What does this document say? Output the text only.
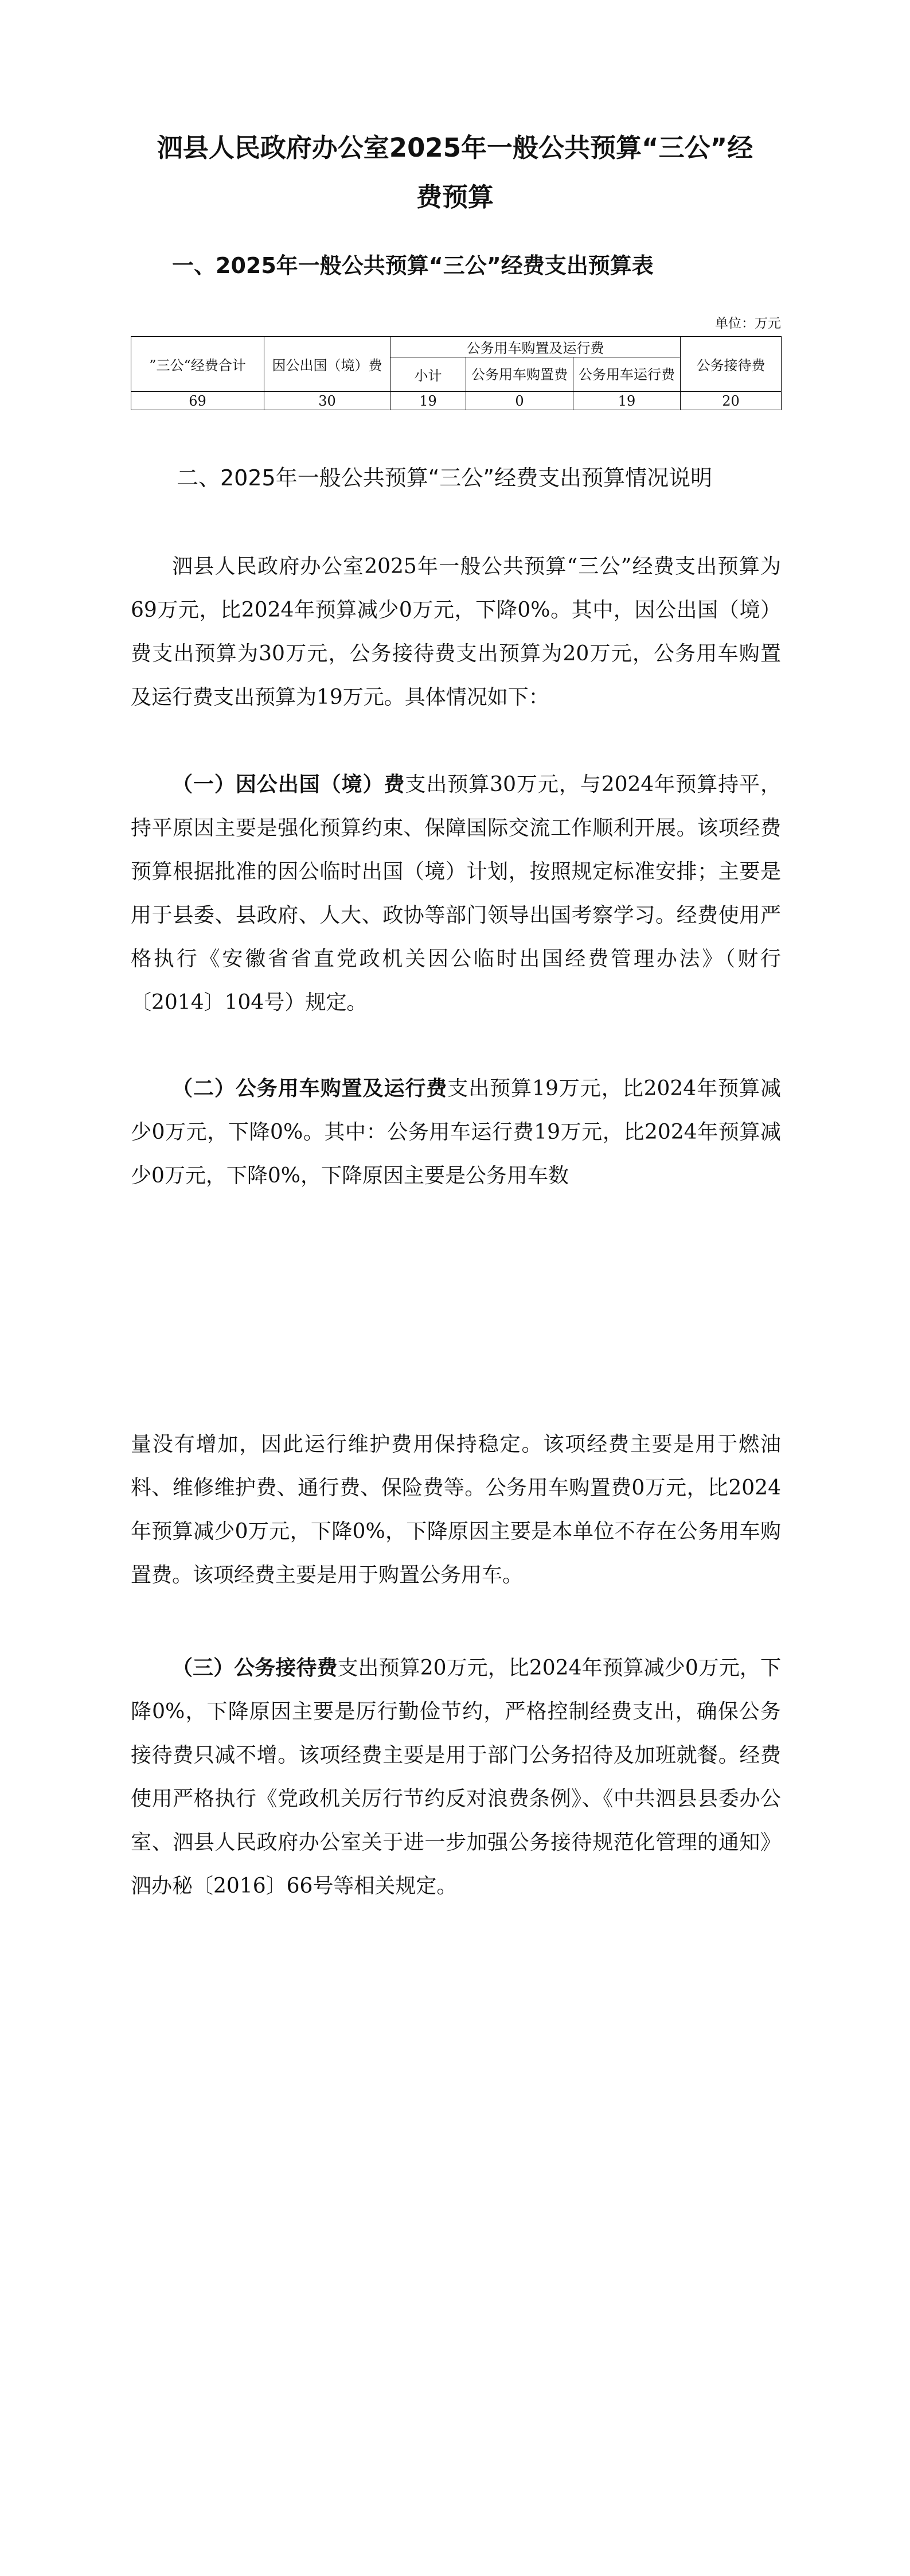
泗县人民政府办公室2025年一般公共预算“三公”经
费预算
一、2025年一般公共预算“三公”经费支出预算表
单位：万元
”三公“经费合计	因公出国（境）费	公务用车购置及运行费			公务接待费
		小计	公务用车购置费	公务用车运行费	
69	30	19	0	19	20
二、2025年一般公共预算“三公”经费支出预算情况说明

泗县人民政府办公室2025年一般公共预算“三公”经费支出预算为69万元，比2024年预算减少0万元，下降0%。其中，因公出国（境）费支出预算为30万元，公务接待费支出预算为20万元，公务用车购置及运行费支出预算为19万元。具体情况如下：

（一）因公出国（境）费支出预算30万元，与2024年预算持平，持平原因主要是强化预算约束、保障国际交流工作顺利开展。该项经费预算根据批准的因公临时出国（境）计划，按照规定标准安排；主要是用于县委、县政府、人大、政协等部门领导出国考察学习。经费使用严格执行《安徽省省直党政机关因公临时出国经费管理办法》（财行〔2014〕104号）规定。

（二）公务用车购置及运行费支出预算19万元，比2024年预算减少0万元，下降0%。其中：公务用车运行费19万元，比2024年预算减少0万元，下降0%，下降原因主要是公务用车数

量没有增加，因此运行维护费用保持稳定。该项经费主要是用于燃油料、维修维护费、通行费、保险费等。公务用车购置费0万元，比2024年预算减少0万元，下降0%，下降原因主要是本单位不存在公务用车购置费。该项经费主要是用于购置公务用车。

（三）公务接待费支出预算20万元，比2024年预算减少0万元，下降0%，下降原因主要是厉行勤俭节约，严格控制经费支出，确保公务接待费只减不增。该项经费主要是用于部门公务招待及加班就餐。经费使用严格执行《党政机关厉行节约反对浪费条例》、《中共泗县县委办公室、泗县人民政府办公室关于进一步加强公务接待规范化管理的通知》泗办秘〔2016〕66号等相关规定。
